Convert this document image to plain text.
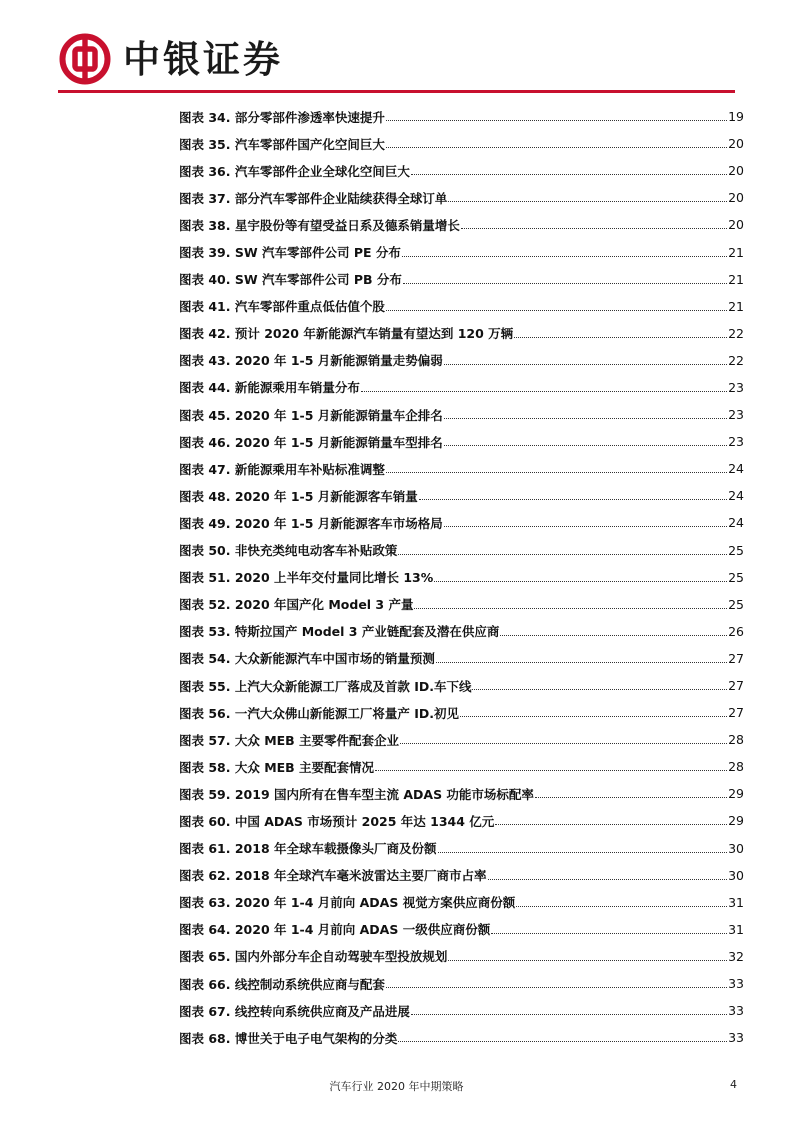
中银证券
图表 34. 部分零部件渗透率快速提升	19
图表 35. 汽车零部件国产化空间巨大	20
图表 36. 汽车零部件企业全球化空间巨大	20
图表 37. 部分汽车零部件企业陆续获得全球订单	20
图表 38. 星宇股份等有望受益日系及德系销量增长	20
图表 39. SW 汽车零部件公司 PE 分布	21
图表 40. SW 汽车零部件公司 PB 分布	21
图表 41. 汽车零部件重点低估值个股	21
图表 42. 预计 2020 年新能源汽车销量有望达到 120 万辆	22
图表 43. 2020 年 1-5 月新能源销量走势偏弱	22
图表 44. 新能源乘用车销量分布	23
图表 45. 2020 年 1-5 月新能源销量车企排名	23
图表 46. 2020 年 1-5 月新能源销量车型排名	23
图表 47. 新能源乘用车补贴标准调整	24
图表 48. 2020 年 1-5 月新能源客车销量	24
图表 49. 2020 年 1-5 月新能源客车市场格局	24
图表 50. 非快充类纯电动客车补贴政策	25
图表 51. 2020 上半年交付量同比增长 13%	25
图表 52. 2020 年国产化 Model 3 产量	25
图表 53. 特斯拉国产 Model 3 产业链配套及潜在供应商	26
图表 54. 大众新能源汽车中国市场的销量预测	27
图表 55. 上汽大众新能源工厂落成及首款 ID.车下线	27
图表 56. 一汽大众佛山新能源工厂将量产 ID.初见	27
图表 57. 大众 MEB 主要零件配套企业	28
图表 58. 大众 MEB 主要配套情况	28
图表 59. 2019 国内所有在售车型主流 ADAS 功能市场标配率	29
图表 60. 中国 ADAS 市场预计 2025 年达 1344 亿元	29
图表 61. 2018 年全球车载摄像头厂商及份额	30
图表 62. 2018 年全球汽车毫米波雷达主要厂商市占率	30
图表 63. 2020 年 1-4 月前向 ADAS 视觉方案供应商份额	31
图表 64. 2020 年 1-4 月前向 ADAS 一级供应商份额	31
图表 65. 国内外部分车企自动驾驶车型投放规划	32
图表 66. 线控制动系统供应商与配套	33
图表 67. 线控转向系统供应商及产品进展	33
图表 68. 博世关于电子电气架构的分类	33
汽车行业 2020 年中期策略	4
